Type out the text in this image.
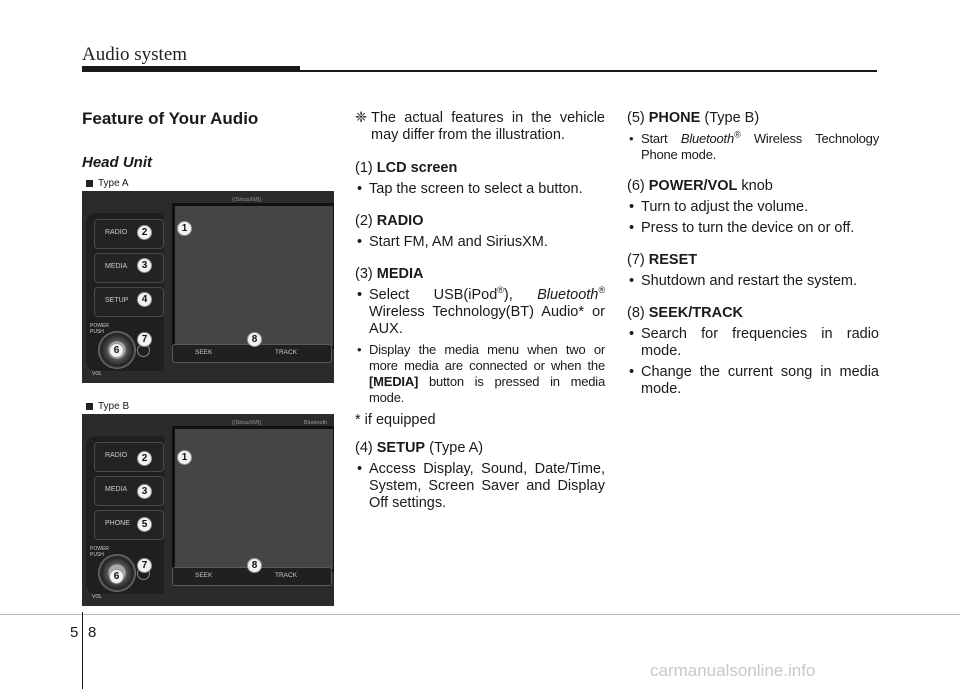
Audio system
Feature of Your Audio
Head Unit
Type A
((SiriusXM))
RADIO
MEDIA
SETUP
POWER
PUSH
VOL
SEEK	TRACK
1
2
3
4
6
7	8
Type B
((SiriusXM))	Bluetooth
RADIO
MEDIA
PHONE
POWER
PUSH
VOL
SEEK	TRACK
1
2
3
5
6
7	8
❈ The actual features in the vehicle may differ from the illustration.
(1) LCD screen
• Tap the screen to select a button.
(2) RADIO
• Start FM, AM and SiriusXM.
(3) MEDIA
• Select USB(iPod®), Bluetooth® Wireless Technology(BT) Audio* or AUX.
• Display the media menu when two or more media are connected or when the [MEDIA] button is pressed in media mode.
* if equipped
(4) SETUP (Type A)
• Access Display, Sound, Date/Time, System, Screen Saver and Display Off settings.
(5) PHONE (Type B)
• Start Bluetooth® Wireless Technology Phone mode.
(6) POWER/VOL knob
• Turn to adjust the volume.
• Press to turn the device on or off.
(7) RESET
• Shutdown and restart the system.
(8) SEEK/TRACK
• Search for frequencies in radio mode.
• Change the current song in media mode.
5 8
carmanualsonline.info
